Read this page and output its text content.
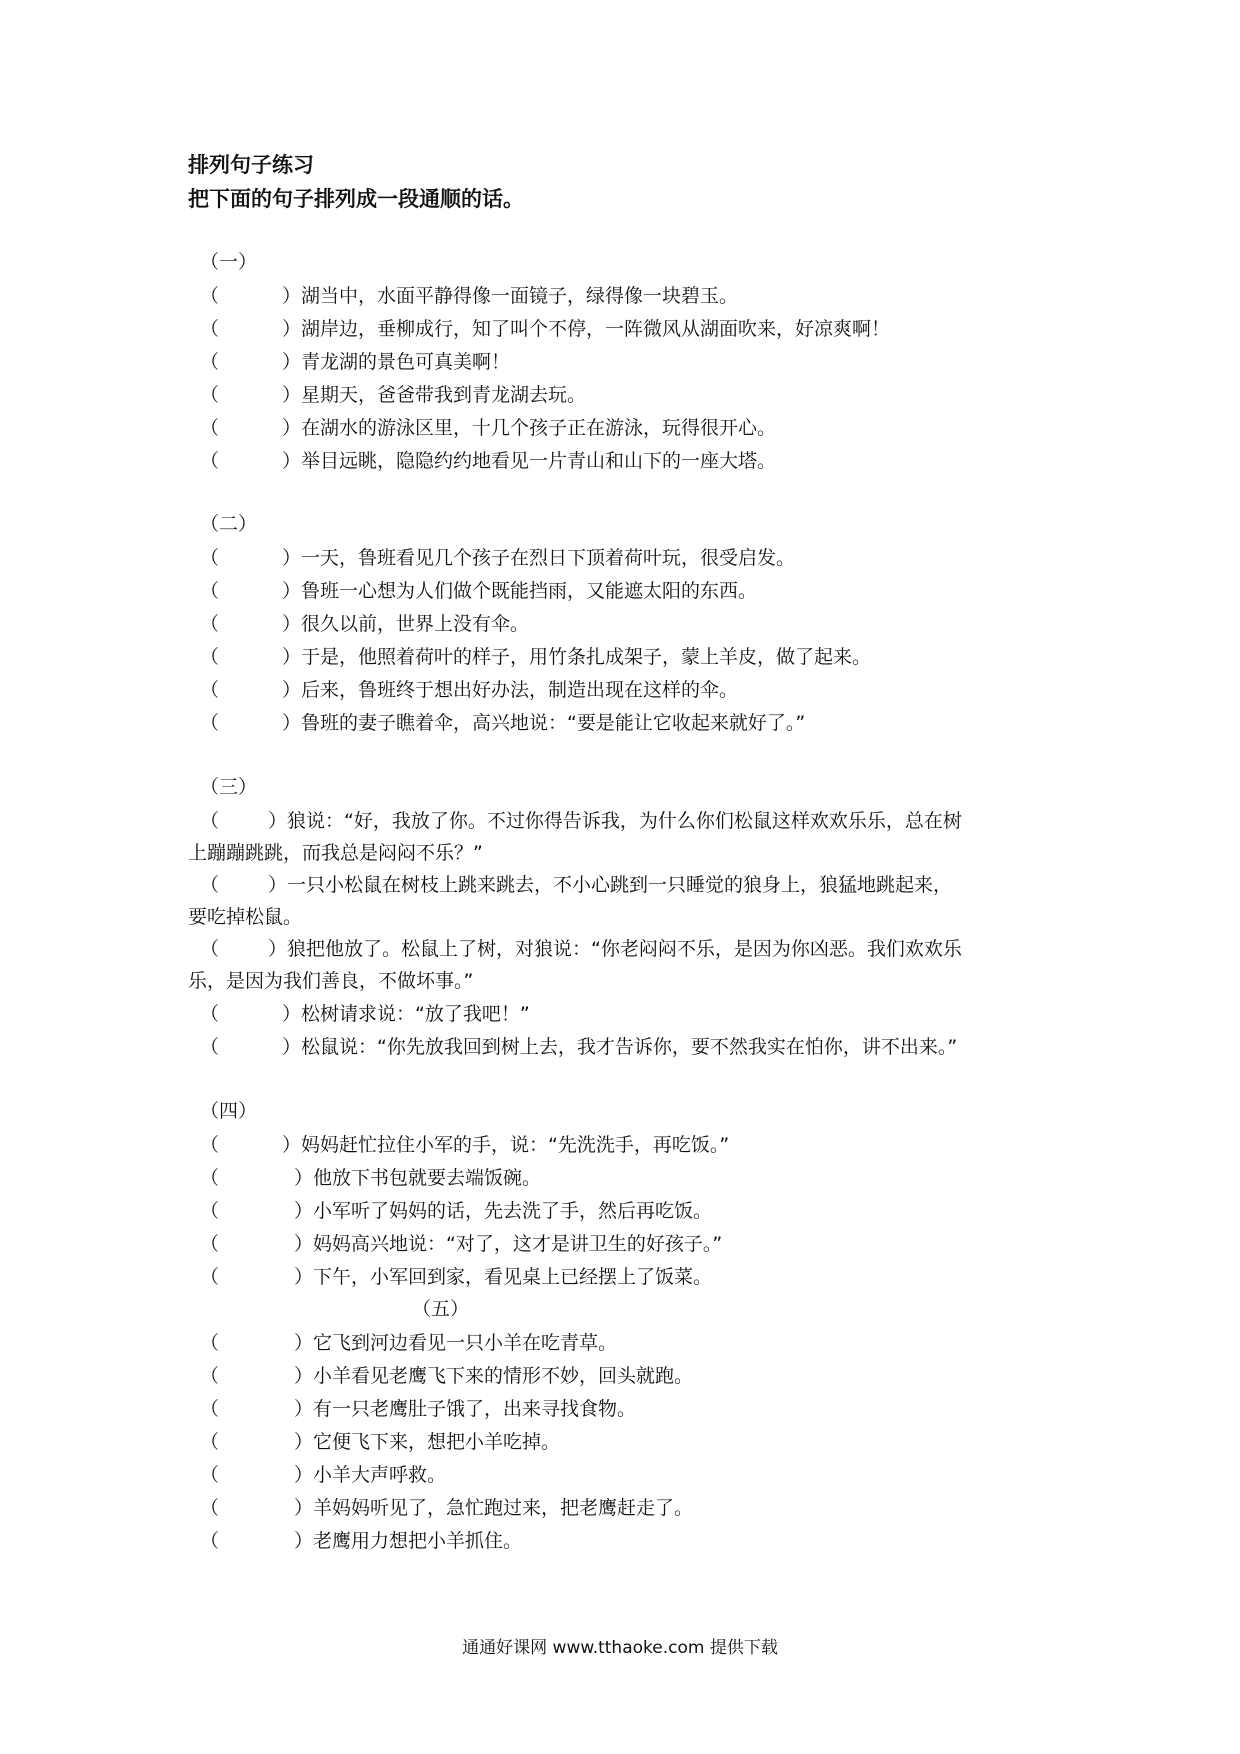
排列句子练习
把下面的句子排列成一段通顺的话。
（一）
（	）湖当中，水面平静得像一面镜子，绿得像一块碧玉。
（	）湖岸边，垂柳成行，知了叫个不停，一阵微风从湖面吹来，好凉爽啊！
（	）青龙湖的景色可真美啊！
（	）星期天，爸爸带我到青龙湖去玩。
（	）在湖水的游泳区里，十几个孩子正在游泳，玩得很开心。
（	）举目远眺，隐隐约约地看见一片青山和山下的一座大塔。
（二）
（	）一天，鲁班看见几个孩子在烈日下顶着荷叶玩，很受启发。
（	）鲁班一心想为人们做个既能挡雨，又能遮太阳的东西。
（	）很久以前，世界上没有伞。
（	）于是，他照着荷叶的样子，用竹条扎成架子，蒙上羊皮，做了起来。
（	）后来，鲁班终于想出好办法，制造出现在这样的伞。
（	）鲁班的妻子瞧着伞，高兴地说：“要是能让它收起来就好了。”
（三）
（	）狼说：“好，我放了你。不过你得告诉我，为什么你们松鼠这样欢欢乐乐，总在树
上蹦蹦跳跳，而我总是闷闷不乐？”
（	）一只小松鼠在树枝上跳来跳去，不小心跳到一只睡觉的狼身上，狼猛地跳起来，
要吃掉松鼠。
（	）狼把他放了。松鼠上了树，对狼说：“你老闷闷不乐，是因为你凶恶。我们欢欢乐
乐，是因为我们善良，不做坏事。”
（	）松树请求说：“放了我吧！”
（	）松鼠说：“你先放我回到树上去，我才告诉你，要不然我实在怕你，讲不出来。”
（四）
（	）妈妈赶忙拉住小军的手，说：“先洗洗手，再吃饭。”
（	）他放下书包就要去端饭碗。
（	）小军听了妈妈的话，先去洗了手，然后再吃饭。
（	）妈妈高兴地说：“对了，这才是讲卫生的好孩子。”
（	）下午，小军回到家，看见桌上已经摆上了饭菜。
（五）
（	）它飞到河边看见一只小羊在吃青草。
（	）小羊看见老鹰飞下来的情形不妙，回头就跑。
（	）有一只老鹰肚子饿了，出来寻找食物。
（	）它便飞下来，想把小羊吃掉。
（	）小羊大声呼救。
（	）羊妈妈听见了，急忙跑过来，把老鹰赶走了。
（	）老鹰用力想把小羊抓住。
通通好课网 www.tthaoke.com 提供下载
